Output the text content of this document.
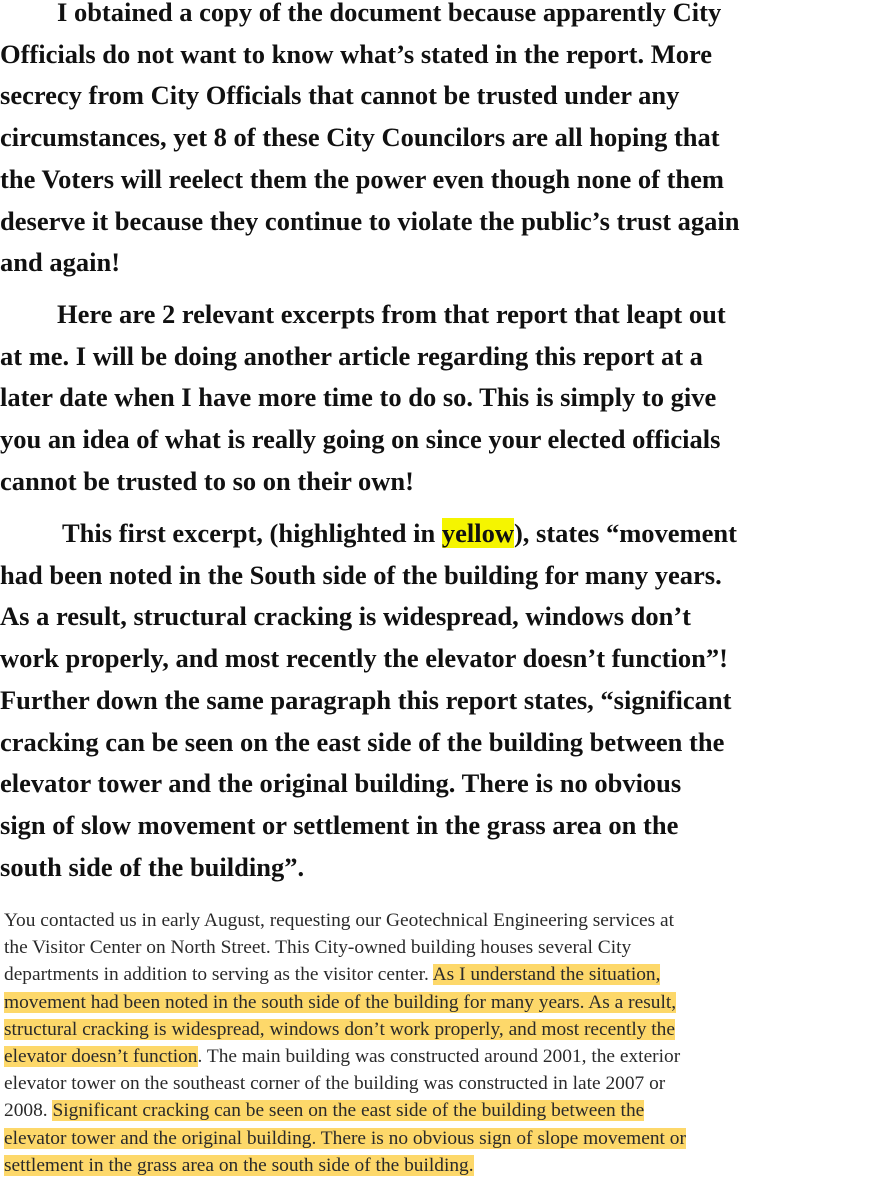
I obtained a copy of the document because apparently City
Officials do not want to know what’s stated in the report. More
secrecy from City Officials that cannot be trusted under any
circumstances, yet 8 of these City Councilors are all hoping that
the Voters will reelect them the power even though none of them
deserve it because they continue to violate the public’s trust again
and again!
Here are 2 relevant excerpts from that report that leapt out
at me. I will be doing another article regarding this report at a
later date when I have more time to do so. This is simply to give
you an idea of what is really going on since your elected officials
cannot be trusted to so on their own!
This first excerpt, (highlighted in yellow), states “movement
had been noted in the South side of the building for many years.
As a result, structural cracking is widespread, windows don’t
work properly, and most recently the elevator doesn’t function”!
Further down the same paragraph this report states, “significant
cracking can be seen on the east side of the building between the
elevator tower and the original building. There is no obvious
sign of slow movement or settlement in the grass area on the
south side of the building”.
You contacted us in early August, requesting our Geotechnical Engineering services at
the Visitor Center on North Street. This City-owned building houses several City
departments in addition to serving as the visitor center. As I understand the situation,
movement had been noted in the south side of the building for many years. As a result,
structural cracking is widespread, windows don’t work properly, and most recently the
elevator doesn’t function. The main building was constructed around 2001, the exterior
elevator tower on the southeast corner of the building was constructed in late 2007 or
2008. Significant cracking can be seen on the east side of the building between the
elevator tower and the original building. There is no obvious sign of slope movement or
settlement in the grass area on the south side of the building.
